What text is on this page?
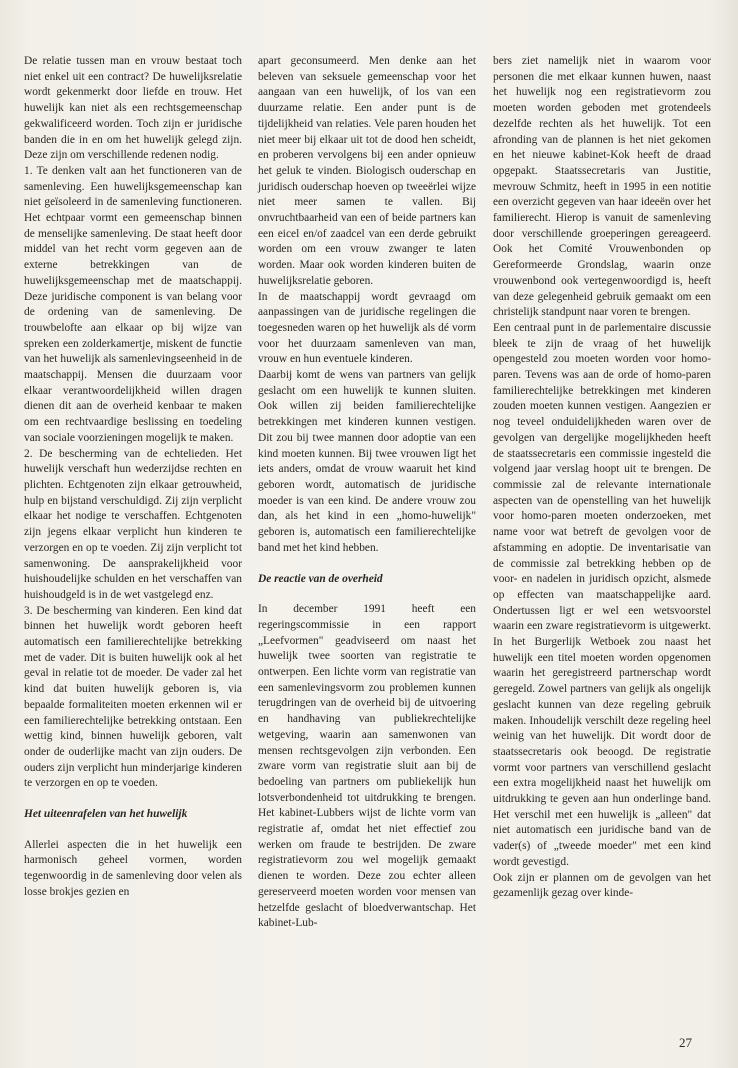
De relatie tussen man en vrouw bestaat toch niet enkel uit een contract? De huwelijksrelatie wordt gekenmerkt door liefde en trouw. Het huwelijk kan niet als een rechtsgemeenschap gekwalificeerd worden. Toch zijn er juridische banden die in en om het huwelijk gelegd zijn. Deze zijn om verschillende redenen nodig.

1. Te denken valt aan het functioneren van de samenleving. Een huwelijksgemeenschap kan niet geïsoleerd in de samenleving functioneren. Het echtpaar vormt een gemeenschap binnen de menselijke samenleving. De staat heeft door middel van het recht vorm gegeven aan de externe betrekkingen van de huwelijksgemeenschap met de maatschappij. Deze juridische component is van belang voor de ordening van de samenleving. De trouwbelofte aan elkaar op bij wijze van spreken een zolderkamertje, miskent de functie van het huwelijk als samenlevingseenheid in de maatschappij. Mensen die duurzaam voor elkaar verantwoordelijkheid willen dragen dienen dit aan de overheid kenbaar te maken om een rechtvaardige beslissing en toedeling van sociale voorzieningen mogelijk te maken.

2. De bescherming van de echtelieden. Het huwelijk verschaft hun wederzijdse rechten en plichten. Echtgenoten zijn elkaar getrouwheid, hulp en bijstand verschuldigd. Zij zijn verplicht elkaar het nodige te verschaffen. Echtgenoten zijn jegens elkaar verplicht hun kinderen te verzorgen en op te voeden. Zij zijn verplicht tot samenwoning. De aansprakelijkheid voor huishoudelijke schulden en het verschaffen van huishoudgeld is in de wet vastgelegd enz.

3. De bescherming van kinderen. Een kind dat binnen het huwelijk wordt geboren heeft automatisch een familierechtelijke betrekking met de vader. Dit is buiten huwelijk ook al het geval in relatie tot de moeder. De vader zal het kind dat buiten huwelijk geboren is, via bepaalde formaliteiten moeten erkennen wil er een familierechtelijke betrekking ontstaan. Een wettig kind, binnen huwelijk geboren, valt onder de ouderlijke macht van zijn ouders. De ouders zijn verplicht hun minderjarige kinderen te verzorgen en op te voeden.

Het uiteenrafelen van het huwelijk

Allerlei aspecten die in het huwelijk een harmonisch geheel vormen, worden tegenwoordig in de samenleving door velen als losse brokjes gezien en

apart geconsumeerd. Men denke aan het beleven van seksuele gemeenschap voor het aangaan van een huwelijk, of los van een duurzame relatie. Een ander punt is de tijdelijkheid van relaties. Vele paren houden het niet meer bij elkaar uit tot de dood hen scheidt, en proberen vervolgens bij een ander opnieuw het geluk te vinden. Biologisch ouderschap en juridisch ouderschap hoeven op tweeërlei wijze niet meer samen te vallen. Bij onvruchtbaarheid van een of beide partners kan een eicel en/of zaadcel van een derde gebruikt worden om een vrouw zwanger te laten worden. Maar ook worden kinderen buiten de huwelijksrelatie geboren.

In de maatschappij wordt gevraagd om aanpassingen van de juridische regelingen die toegesneden waren op het huwelijk als dé vorm voor het duurzaam samenleven van man, vrouw en hun eventuele kinderen.

Daarbij komt de wens van partners van gelijk geslacht om een huwelijk te kunnen sluiten. Ook willen zij beiden familierechtelijke betrekkingen met kinderen kunnen vestigen. Dit zou bij twee mannen door adoptie van een kind moeten kunnen. Bij twee vrouwen ligt het iets anders, omdat de vrouw waaruit het kind geboren wordt, automatisch de juridische moeder is van een kind. De andere vrouw zou dan, als het kind in een „homo-huwelijk" geboren is, automatisch een familierechtelijke band met het kind hebben.

De reactie van de overheid

In december 1991 heeft een regeringscommissie in een rapport „Leefvormen" geadviseerd om naast het huwelijk twee soorten van registratie te ontwerpen. Een lichte vorm van registratie van een samenlevingsvorm zou problemen kunnen terugdringen van de overheid bij de uitvoering en handhaving van publiekrechtelijke wetgeving, waarin aan samenwonen van mensen rechtsgevolgen zijn verbonden. Een zware vorm van registratie sluit aan bij de bedoeling van partners om publiekelijk hun lotsverbondenheid tot uitdrukking te brengen. Het kabinet-Lubbers wijst de lichte vorm van registratie af, omdat het niet effectief zou werken om fraude te bestrijden. De zware registratievorm zou wel mogelijk gemaakt dienen te worden. Deze zou echter alleen gereserveerd moeten worden voor mensen van hetzelfde geslacht of bloedverwantschap. Het kabinet-Lub-

bers ziet namelijk niet in waarom voor personen die met elkaar kunnen huwen, naast het huwelijk nog een registratievorm zou moeten worden geboden met grotendeels dezelfde rechten als het huwelijk. Tot een afronding van de plannen is het niet gekomen en het nieuwe kabinet-Kok heeft de draad opgepakt. Staatssecretaris van Justitie, mevrouw Schmitz, heeft in 1995 in een notitie een overzicht gegeven van haar ideeën over het familierecht. Hierop is vanuit de samenleving door verschillende groeperingen gereageerd. Ook het Comité Vrouwenbonden op Gereformeerde Grondslag, waarin onze vrouwenbond ook vertegenwoordigd is, heeft van deze gelegenheid gebruik gemaakt om een christelijk standpunt naar voren te brengen.

Een centraal punt in de parlementaire discussie bleek te zijn de vraag of het huwelijk opengesteld zou moeten worden voor homo-paren. Tevens was aan de orde of homo-paren familierechtelijke betrekkingen met kinderen zouden moeten kunnen vestigen. Aangezien er nog teveel onduidelijkheden waren over de gevolgen van dergelijke mogelijkheden heeft de staatssecretaris een commissie ingesteld die volgend jaar verslag hoopt uit te brengen. De commissie zal de relevante internationale aspecten van de openstelling van het huwelijk voor homo-paren moeten onderzoeken, met name voor wat betreft de gevolgen voor de afstamming en adoptie. De inventarisatie van de commissie zal betrekking hebben op de voor- en nadelen in juridisch opzicht, alsmede op effecten van maatschappelijke aard. Ondertussen ligt er wel een wetsvoorstel waarin een zware registratievorm is uitgewerkt. In het Burgerlijk Wetboek zou naast het huwelijk een titel moeten worden opgenomen waarin het geregistreerd partnerschap wordt geregeld. Zowel partners van gelijk als ongelijk geslacht kunnen van deze regeling gebruik maken. Inhoudelijk verschilt deze regeling heel weinig van het huwelijk. Dit wordt door de staatssecretaris ook beoogd. De registratie vormt voor partners van verschillend geslacht een extra mogelijkheid naast het huwelijk om uitdrukking te geven aan hun onderlinge band. Het verschil met een huwelijk is „alleen" dat niet automatisch een juridische band van de vader(s) of „tweede moeder" met een kind wordt gevestigd.

Ook zijn er plannen om de gevolgen van het gezamenlijk gezag over kinde-

27
